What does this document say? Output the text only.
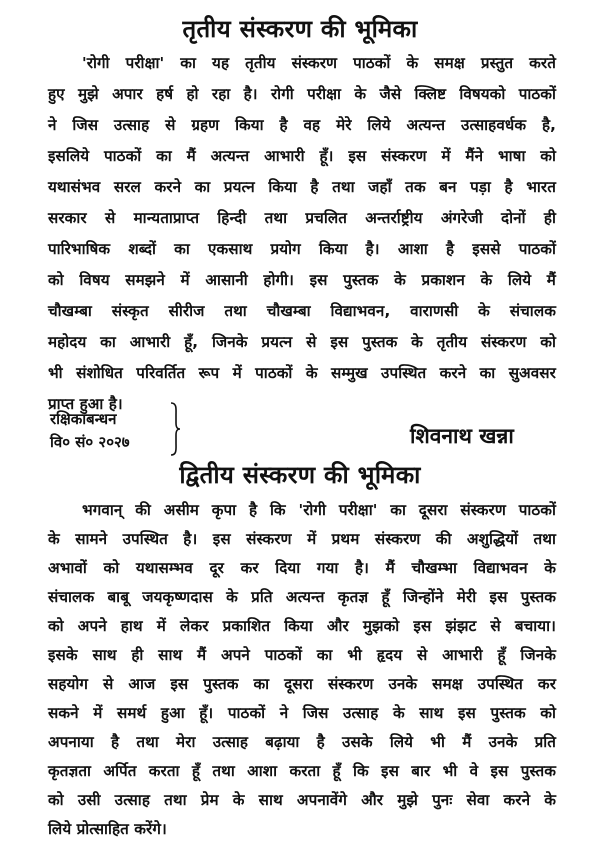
तृतीय संस्करण की भूमिका
'रोगी परीक्षा' का यह तृतीय संस्करण पाठकों के समक्ष प्रस्तुत करते
हुए मुझे अपार हर्ष हो रहा है। रोगी परीक्षा के जैसे क्लिष्ट विषयको पाठकों
ने जिस उत्साह से ग्रहण किया है वह मेरे लिये अत्यन्त उत्साहवर्धक है,
इसलिये पाठकों का मैं अत्यन्त आभारी हूँ। इस संस्करण में मैंने भाषा को
यथासंभव सरल करने का प्रयत्न किया है तथा जहाँ तक बन पड़ा है भारत
सरकार से मान्यताप्राप्त हिन्दी तथा प्रचलित अन्तर्राष्ट्रीय अंगरेजी दोनों ही
पारिभाषिक शब्दों का एकसाथ प्रयोग किया है। आशा है इससे पाठकों
को विषय समझने में आसानी होगी। इस पुस्तक के प्रकाशन के लिये मैं
चौखम्बा संस्कृत सीरीज तथा चौखम्बा विद्याभवन, वाराणसी के संचालक
महोदय का आभारी हूँ, जिनके प्रयत्न से इस पुस्तक के तृतीय संस्करण को
भी संशोधित परिवर्तित रूप में पाठकों के सम्मुख उपस्थित करने का सुअवसर
प्राप्त हुआ है।
रक्षिकाबन्धन
वि० सं० २०२७	शिवनाथ खन्ना
द्वितीय संस्करण की भूमिका
भगवान् की असीम कृपा है कि 'रोगी परीक्षा' का दूसरा संस्करण पाठकों
के सामने उपस्थित है। इस संस्करण में प्रथम संस्करण की अशुद्धियों तथा
अभावों को यथासम्भव दूर कर दिया गया है। मैं चौखम्भा विद्याभवन के
संचालक बाबू जयकृष्णदास के प्रति अत्यन्त कृतज्ञ हूँ जिन्होंने मेरी इस पुस्तक
को अपने हाथ में लेकर प्रकाशित किया और मुझको इस झंझट से बचाया।
इसके साथ ही साथ मैं अपने पाठकों का भी हृदय से आभारी हूँ जिनके
सहयोग से आज इस पुस्तक का दूसरा संस्करण उनके समक्ष उपस्थित कर
सकने में समर्थ हुआ हूँ। पाठकों ने जिस उत्साह के साथ इस पुस्तक को
अपनाया है तथा मेरा उत्साह बढ़ाया है उसके लिये भी मैं उनके प्रति
कृतज्ञता अर्पित करता हूँ तथा आशा करता हूँ कि इस बार भी वे इस पुस्तक
को उसी उत्साह तथा प्रेम के साथ अपनावेंगे और मुझे पुनः सेवा करने के
लिये प्रोत्साहित करेंगे।
